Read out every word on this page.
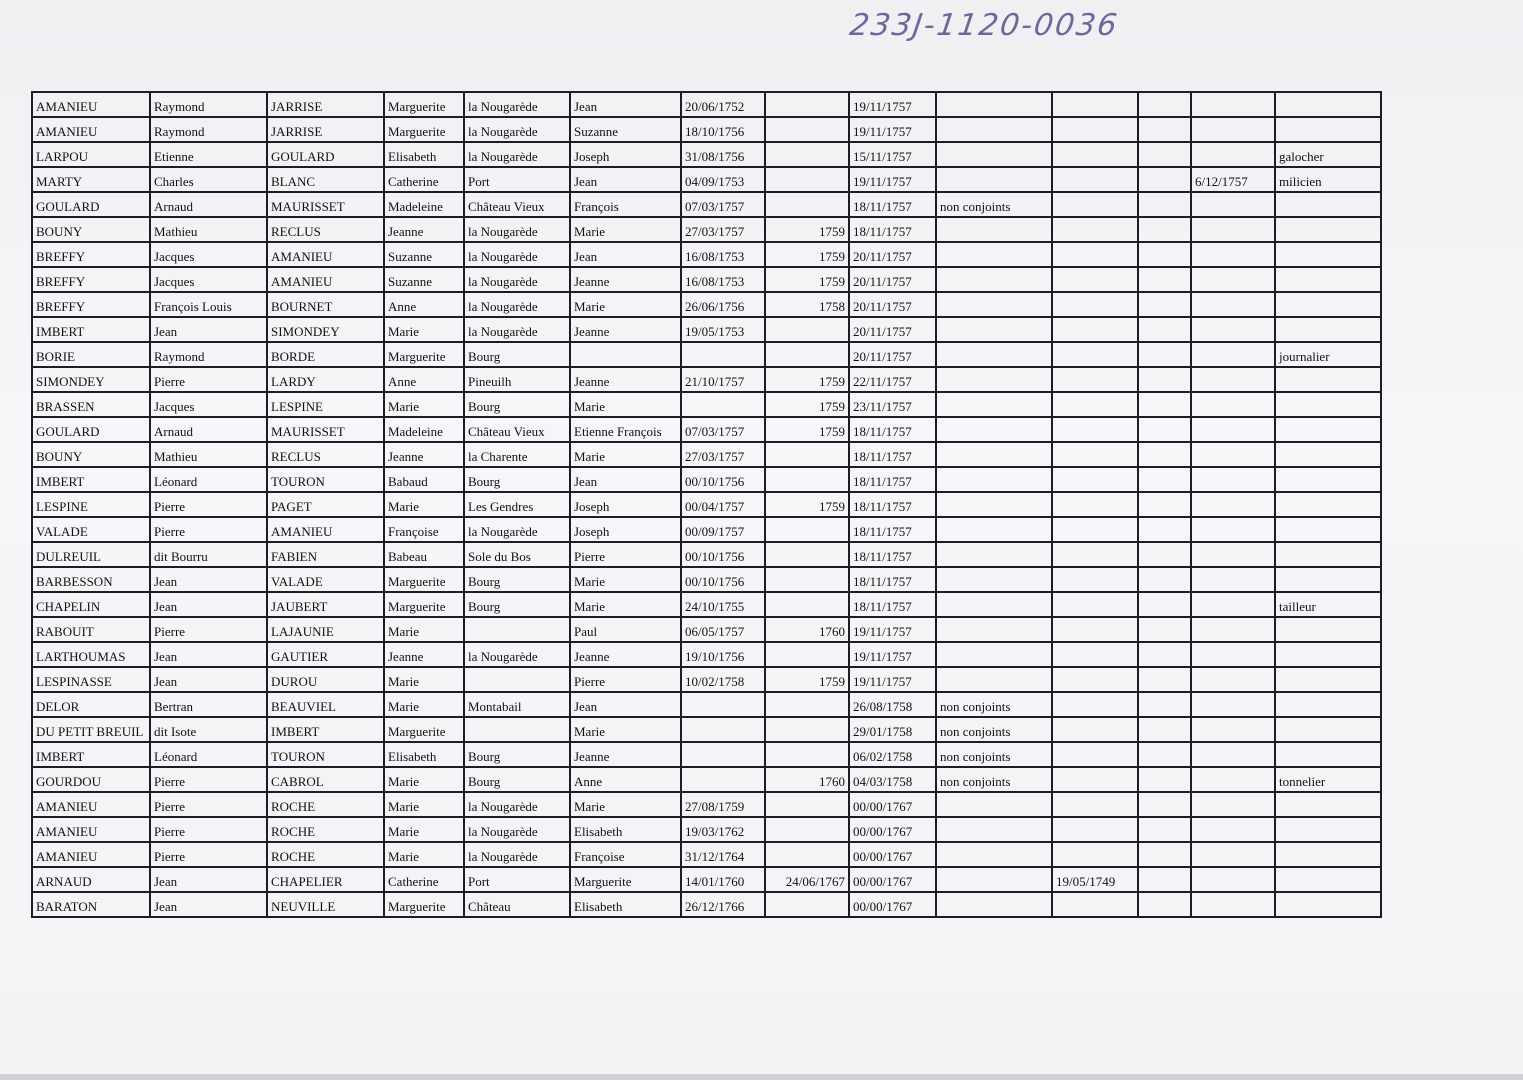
233J-1120-0036
AMANIEU	Raymond	JARRISE	Marguerite	la Nougarède	Jean	20/06/1752		19/11/1757					
AMANIEU	Raymond	JARRISE	Marguerite	la Nougarède	Suzanne	18/10/1756		19/11/1757					
LARPOU	Etienne	GOULARD	Elisabeth	la Nougarède	Joseph	31/08/1756		15/11/1757					galocher
MARTY	Charles	BLANC	Catherine	Port	Jean	04/09/1753		19/11/1757				6/12/1757	milicien
GOULARD	Arnaud	MAURISSET	Madeleine	Château Vieux	François	07/03/1757		18/11/1757	non conjoints				
BOUNY	Mathieu	RECLUS	Jeanne	la Nougarède	Marie	27/03/1757	1759	18/11/1757					
BREFFY	Jacques	AMANIEU	Suzanne	la Nougarède	Jean	16/08/1753	1759	20/11/1757					
BREFFY	Jacques	AMANIEU	Suzanne	la Nougarède	Jeanne	16/08/1753	1759	20/11/1757					
BREFFY	François Louis	BOURNET	Anne	la Nougarède	Marie	26/06/1756	1758	20/11/1757					
IMBERT	Jean	SIMONDEY	Marie	la Nougarède	Jeanne	19/05/1753		20/11/1757					
BORIE	Raymond	BORDE	Marguerite	Bourg				20/11/1757					journalier
SIMONDEY	Pierre	LARDY	Anne	Pineuilh	Jeanne	21/10/1757	1759	22/11/1757					
BRASSEN	Jacques	LESPINE	Marie	Bourg	Marie		1759	23/11/1757					
GOULARD	Arnaud	MAURISSET	Madeleine	Château Vieux	Etienne François	07/03/1757	1759	18/11/1757					
BOUNY	Mathieu	RECLUS	Jeanne	la Charente	Marie	27/03/1757		18/11/1757					
IMBERT	Léonard	TOURON	Babaud	Bourg	Jean	00/10/1756		18/11/1757					
LESPINE	Pierre	PAGET	Marie	Les Gendres	Joseph	00/04/1757	1759	18/11/1757					
VALADE	Pierre	AMANIEU	Françoise	la Nougarède	Joseph	00/09/1757		18/11/1757					
DULREUIL	dit Bourru	FABIEN	Babeau	Sole du Bos	Pierre	00/10/1756		18/11/1757					
BARBESSON	Jean	VALADE	Marguerite	Bourg	Marie	00/10/1756		18/11/1757					
CHAPELIN	Jean	JAUBERT	Marguerite	Bourg	Marie	24/10/1755		18/11/1757					tailleur
RABOUIT	Pierre	LAJAUNIE	Marie		Paul	06/05/1757	1760	19/11/1757					
LARTHOUMAS	Jean	GAUTIER	Jeanne	la Nougarède	Jeanne	19/10/1756		19/11/1757					
LESPINASSE	Jean	DUROU	Marie		Pierre	10/02/1758	1759	19/11/1757					
DELOR	Bertran	BEAUVIEL	Marie	Montabail	Jean			26/08/1758	non conjoints				
DU PETIT BREUIL	dit Isote	IMBERT	Marguerite		Marie			29/01/1758	non conjoints				
IMBERT	Léonard	TOURON	Elisabeth	Bourg	Jeanne			06/02/1758	non conjoints				
GOURDOU	Pierre	CABROL	Marie	Bourg	Anne		1760	04/03/1758	non conjoints				tonnelier
AMANIEU	Pierre	ROCHE	Marie	la Nougarède	Marie	27/08/1759		00/00/1767					
AMANIEU	Pierre	ROCHE	Marie	la Nougarède	Elisabeth	19/03/1762		00/00/1767					
AMANIEU	Pierre	ROCHE	Marie	la Nougarède	Françoise	31/12/1764		00/00/1767					
ARNAUD	Jean	CHAPELIER	Catherine	Port	Marguerite	14/01/1760	24/06/1767	00/00/1767		19/05/1749			
BARATON	Jean	NEUVILLE	Marguerite	Château	Elisabeth	26/12/1766		00/00/1767					
